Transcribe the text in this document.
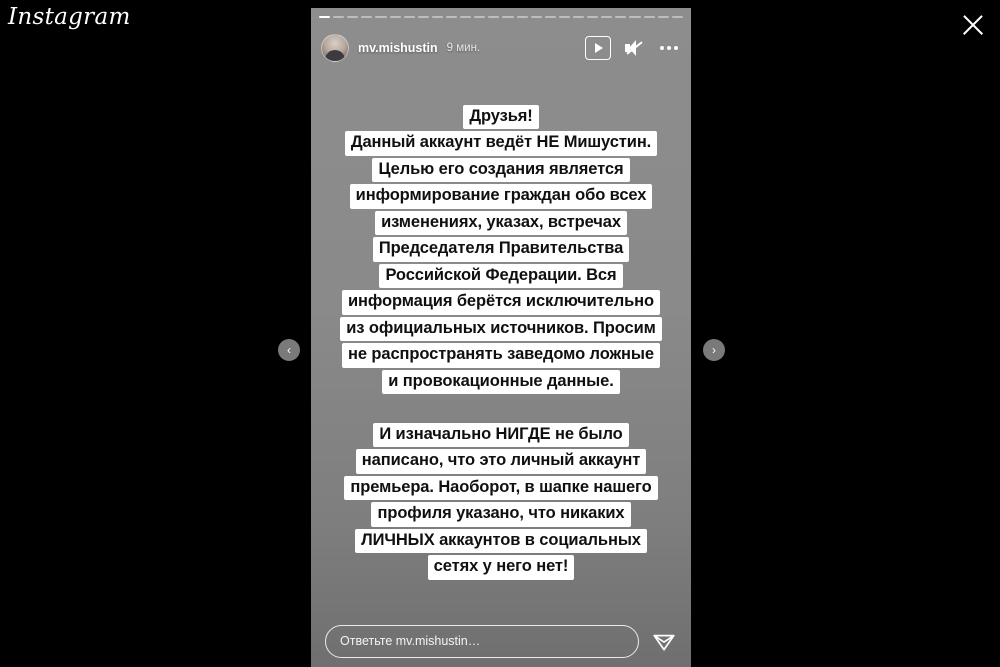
Instagram
‹	›
mv.mishustin 9 мин.
Друзья!
Данный аккаунт ведёт НЕ Мишустин.
Целью его создания является
информирование граждан обо всех
изменениях, указах, встречах
Председателя Правительства
Российской Федерации. Вся
информация берётся исключительно
из официальных источников. Просим
не распространять заведомо ложные
и провокационные данные.
И изначально НИГДЕ не было
написано, что это личный аккаунт
премьера. Наоборот, в шапке нашего
профиля указано, что никаких
ЛИЧНЫХ аккаунтов в социальных
сетях у него нет!
Ответьте mv.mishustin…
